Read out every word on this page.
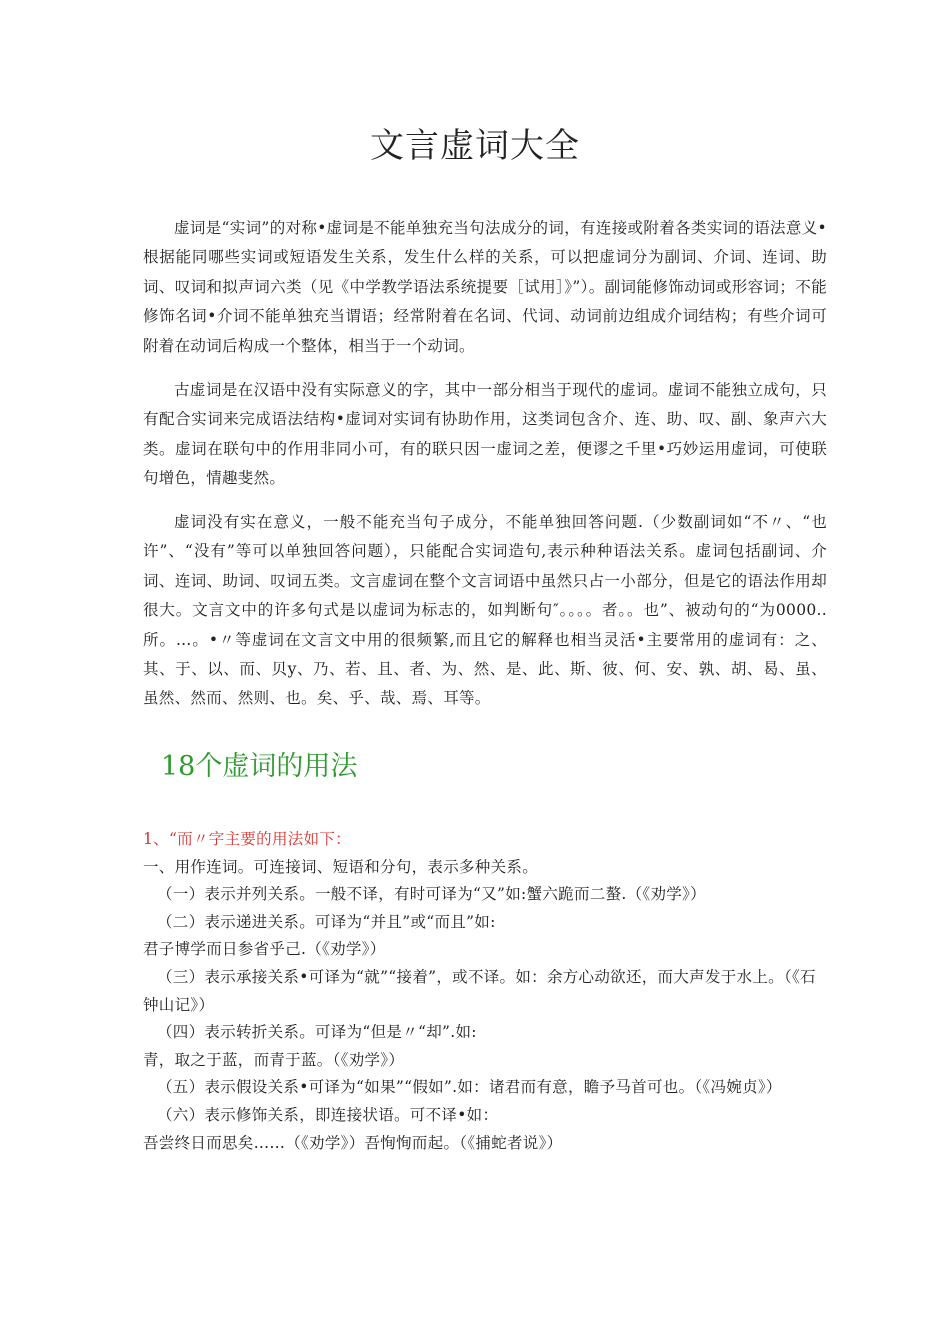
文言虚词大全

虚词是“实词”的对称•虚词是不能单独充当句法成分的词，有连接或附着各类实词的语法意义•根据能同哪些实词或短语发生关系，发生什么样的关系，可以把虚词分为副词、介词、连词、助词、叹词和拟声词六类（见《中学教学语法系统提要［试用］》”）。副词能修饰动词或形容词；不能修饰名词•介词不能单独充当谓语；经常附着在名词、代词、动词前边组成介词结构；有些介词可附着在动词后构成一个整体，相当于一个动词。

古虚词是在汉语中没有实际意义的字，其中一部分相当于现代的虚词。虚词不能独立成句，只有配合实词来完成语法结构•虚词对实词有协助作用，这类词包含介、连、助、叹、副、象声六大类。虚词在联句中的作用非同小可，有的联只因一虚词之差，便谬之千里•巧妙运用虚词，可使联句增色，情趣斐然。

虚词没有实在意义，一般不能充当句子成分，不能单独回答问题.（少数副词如“不〃、“也许”、“没有”等可以单独回答问题），只能配合实词造句,表示种种语法关系。虚词包括副词、介词、连词、助词、叹词五类。文言虚词在整个文言词语中虽然只占一小部分，但是它的语法作用却很大。文言文中的许多句式是以虚词为标志的，如判断句″。。。。者。。也”、被动句的“为0000..所。…。•〃等虚词在文言文中用的很频繁,而且它的解释也相当灵活•主要常用的虚词有：之、其、于、以、而、贝y、乃、若、且、者、为、然、是、此、斯、彼、何、安、孰、胡、曷、虽、虽然、然而、然则、也。矣、乎、哉、焉、耳等。

18个虚词的用法
1、“而〃字主要的用法如下：
一、用作连词。可连接词、短语和分句，表示多种关系。
（一）表示并列关系。一般不译，有时可译为“又”如:蟹六跪而二螯.（《劝学》）
（二）表示递进关系。可译为“并且”或“而且”如:
君子博学而日参省乎己.（《劝学》）
（三）表示承接关系•可译为“就”“接着”，或不译。如：余方心动欲还，而大声发于水上。（《石钟山记》）
（四）表示转折关系。可译为“但是〃“却”.如:
青，取之于蓝，而青于蓝。（《劝学》）
（五）表示假设关系•可译为“如果”“假如”.如：诸君而有意，瞻予马首可也。（《冯婉贞》）
（六）表示修饰关系，即连接状语。可不译•如：
吾尝终日而思矣……（《劝学》）吾恂恂而起。（《捕蛇者说》）
